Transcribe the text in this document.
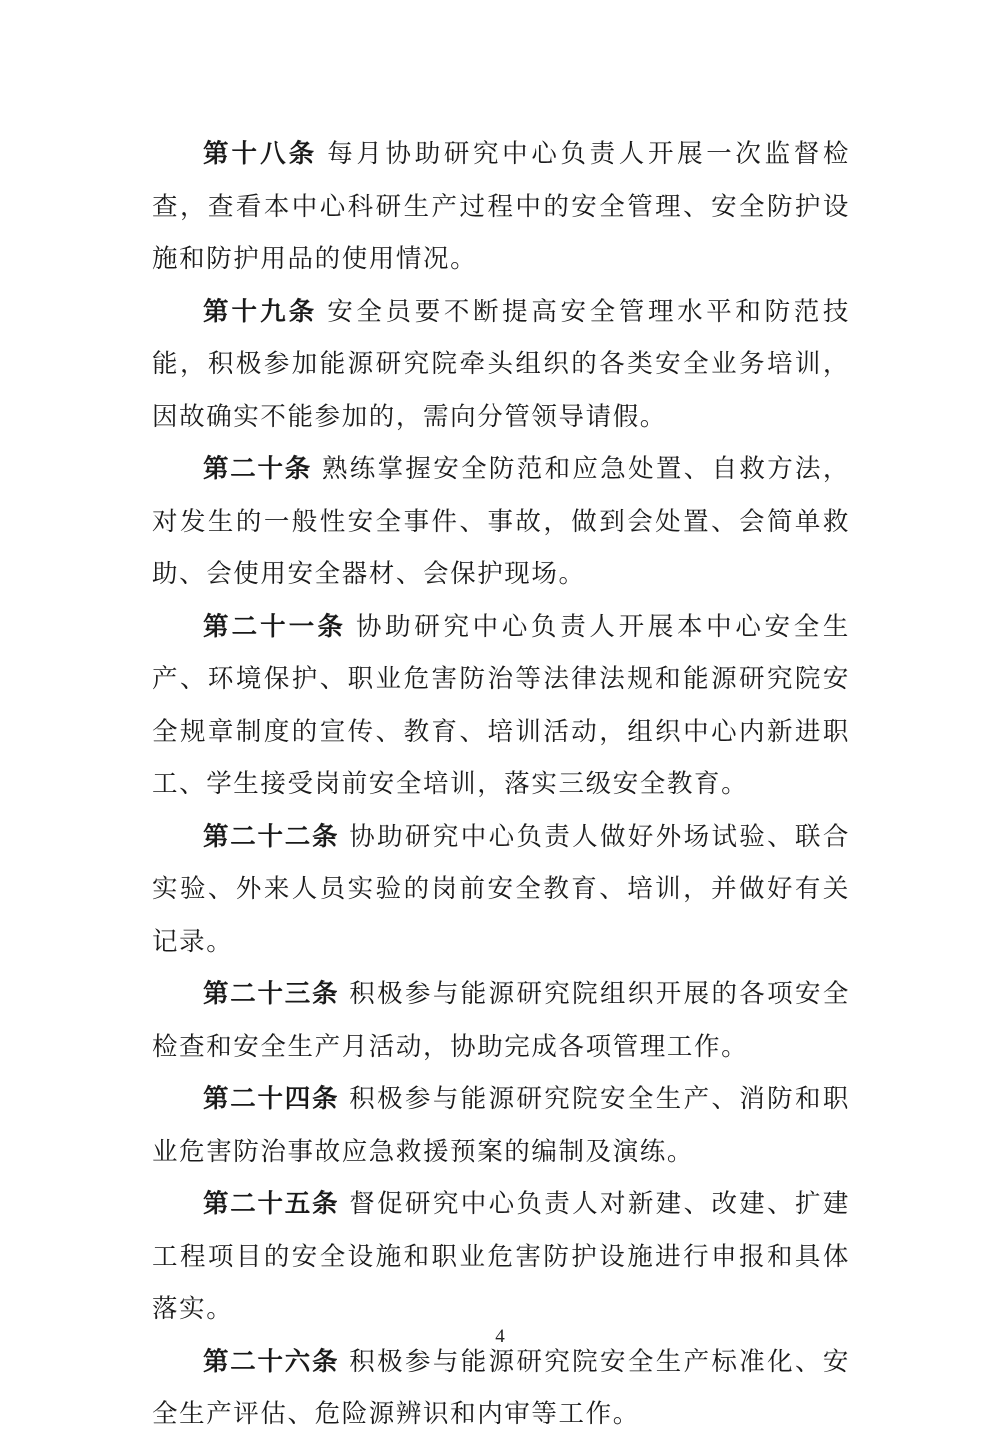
第十八条 每月协助研究中心负责人开展一次监督检查，查看本中心科研生产过程中的安全管理、安全防护设施和防护用品的使用情况。

第十九条 安全员要不断提高安全管理水平和防范技能，积极参加能源研究院牵头组织的各类安全业务培训，因故确实不能参加的，需向分管领导请假。

第二十条 熟练掌握安全防范和应急处置、自救方法，对发生的一般性安全事件、事故，做到会处置、会简单救助、会使用安全器材、会保护现场。

第二十一条 协助研究中心负责人开展本中心安全生产、环境保护、职业危害防治等法律法规和能源研究院安全规章制度的宣传、教育、培训活动，组织中心内新进职工、学生接受岗前安全培训，落实三级安全教育。

第二十二条 协助研究中心负责人做好外场试验、联合实验、外来人员实验的岗前安全教育、培训，并做好有关记录。

第二十三条 积极参与能源研究院组织开展的各项安全检查和安全生产月活动，协助完成各项管理工作。

第二十四条 积极参与能源研究院安全生产、消防和职业危害防治事故应急救援预案的编制及演练。

第二十五条 督促研究中心负责人对新建、改建、扩建工程项目的安全设施和职业危害防护设施进行申报和具体落实。

第二十六条 积极参与能源研究院安全生产标准化、安全生产评估、危险源辨识和内审等工作。

4
